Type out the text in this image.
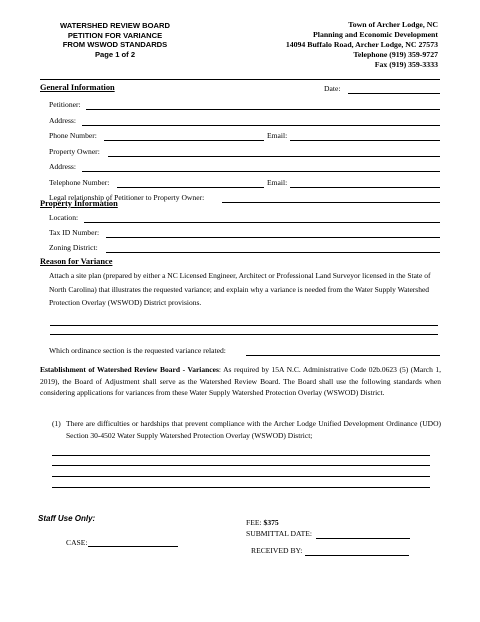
WATERSHED REVIEW BOARD
PETITION FOR VARIANCE
FROM WSWOD STANDARDS
Page 1 of 2
Town of Archer Lodge, NC
Planning and Economic Development
14094 Buffalo Road, Archer Lodge, NC 27573
Telephone (919) 359-9727
Fax (919) 359-3333
General Information	Date:
Petitioner:
Address:
Phone Number:	Email:
Property Owner:
Address:
Telephone Number:	Email:
Legal relationship of Petitioner to Property Owner:
Property Information
Location:
Tax ID Number:
Zoning District:
Reason for Variance
Attach a site plan (prepared by either a NC Licensed Engineer, Architect or Professional Land Surveyor licensed in the State of North Carolina) that illustrates the requested variance; and explain why a variance is needed from the Water Supply Watershed Protection Overlay (WSWOD) District provisions.
Which ordinance section is the requested variance related:
Establishment of Watershed Review Board - Variances: As required by 15A N.C. Administrative Code 02b.0623 (5) (March 1, 2019), the Board of Adjustment shall serve as the Watershed Review Board. The Board shall use the following standards when considering applications for variances from these Water Supply Watershed Protection Overlay (WSWOD) District.
(1) There are difficulties or hardships that prevent compliance with the Archer Lodge Unified Development Ordinance (UDO) Section 30-4502 Water Supply Watershed Protection Overlay (WSWOD) District;
Staff Use Only:	FEE: $375
SUBMITTAL DATE:
CASE:
RECEIVED BY:
